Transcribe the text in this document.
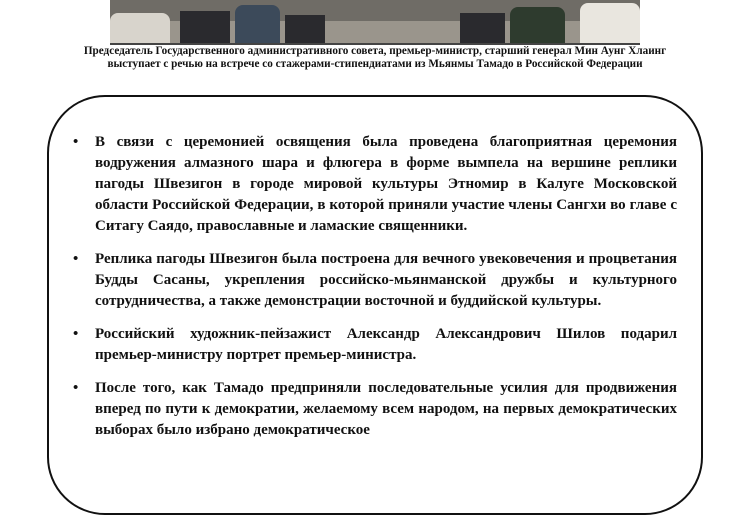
Председатель Государственного административного совета, премьер-министр, старший генерал Мин Аунг Хлаинг выступает с речью на встрече со стажерами-стипендиатами из Мьянмы Тамадо в Российской Федерации
• В связи с церемонией освящения была проведена благоприятная церемония водружения алмазного шара и флюгера в форме вымпела на вершине реплики пагоды Швезигон в городе мировой культуры Этномир в Калуге Московской области Российской Федерации, в которой приняли участие члены Сангхи во главе с Ситагу Саядо, православные и ламаские священники.
• Реплика пагоды Швезигон была построена для вечного увековечения и процветания Будды Сасаны, укрепления российско-мьянманской дружбы и культурного сотрудничества, а также демонстрации восточной и буддийской культуры.
• Российский художник-пейзажист Александр Александрович Шилов подарил премьер-министру портрет премьер-министра.
• После того, как Тамадо предприняли последовательные усилия для продвижения вперед по пути к демократии, желаемому всем народом, на первых демократических выборах было избрано демократическое
